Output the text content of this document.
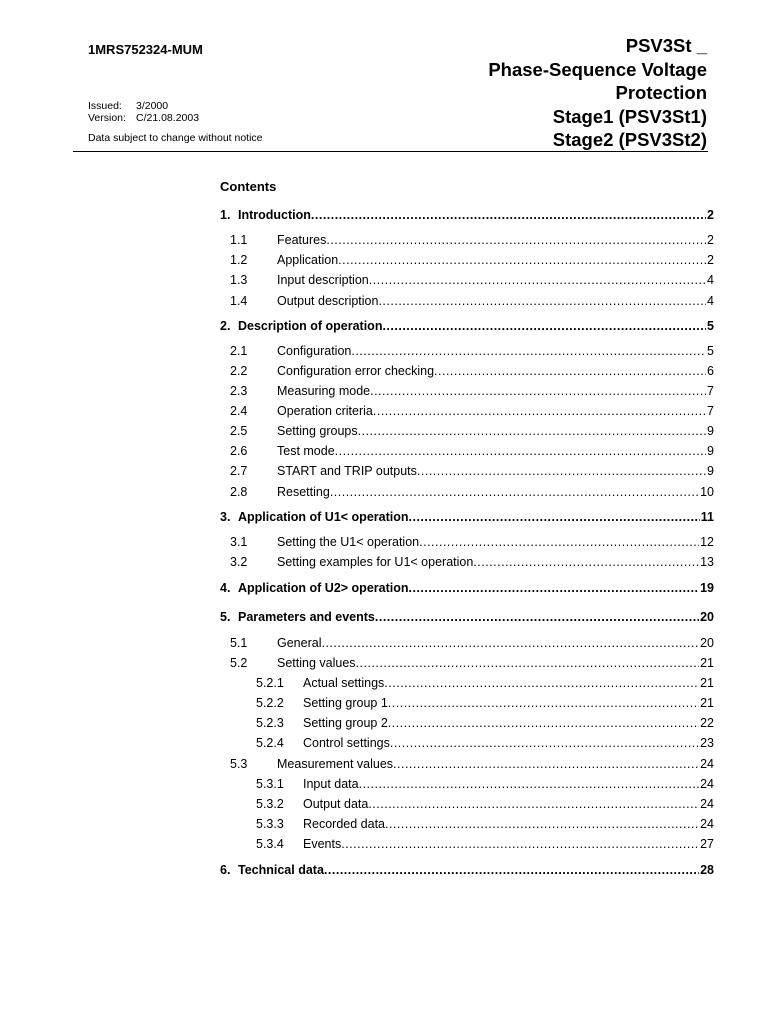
1MRS752324-MUM
Issued: 3/2000
Version: C/21.08.2003
Data subject to change without notice
PSV3St _
Phase-Sequence Voltage
Protection
Stage1 (PSV3St1)
Stage2 (PSV3St2)
Contents
1. Introduction .....	2
1.1	Features .....	2
1.2	Application .....	2
1.3	Input description .....	4
1.4	Output description .....	4
2. Description of operation .....	5
2.1	Configuration .....	5
2.2	Configuration error checking .....	6
2.3	Measuring mode .....	7
2.4	Operation criteria .....	7
2.5	Setting groups .....	9
2.6	Test mode .....	9
2.7	START and TRIP outputs .....	9
2.8	Resetting .....	10
3. Application of U1< operation .....	11
3.1	Setting the U1< operation .....	12
3.2	Setting examples for U1< operation .....	13
4. Application of U2> operation .....	19
5. Parameters and events .....	20
5.1	General .....	20
5.2	Setting values .....	21
5.2.1	Actual settings .....	21
5.2.2	Setting group 1 .....	21
5.2.3	Setting group 2 .....	22
5.2.4	Control settings .....	23
5.3	Measurement values .....	24
5.3.1	Input data .....	24
5.3.2	Output data .....	24
5.3.3	Recorded data .....	24
5.3.4	Events .....	27
6. Technical data .....	28
